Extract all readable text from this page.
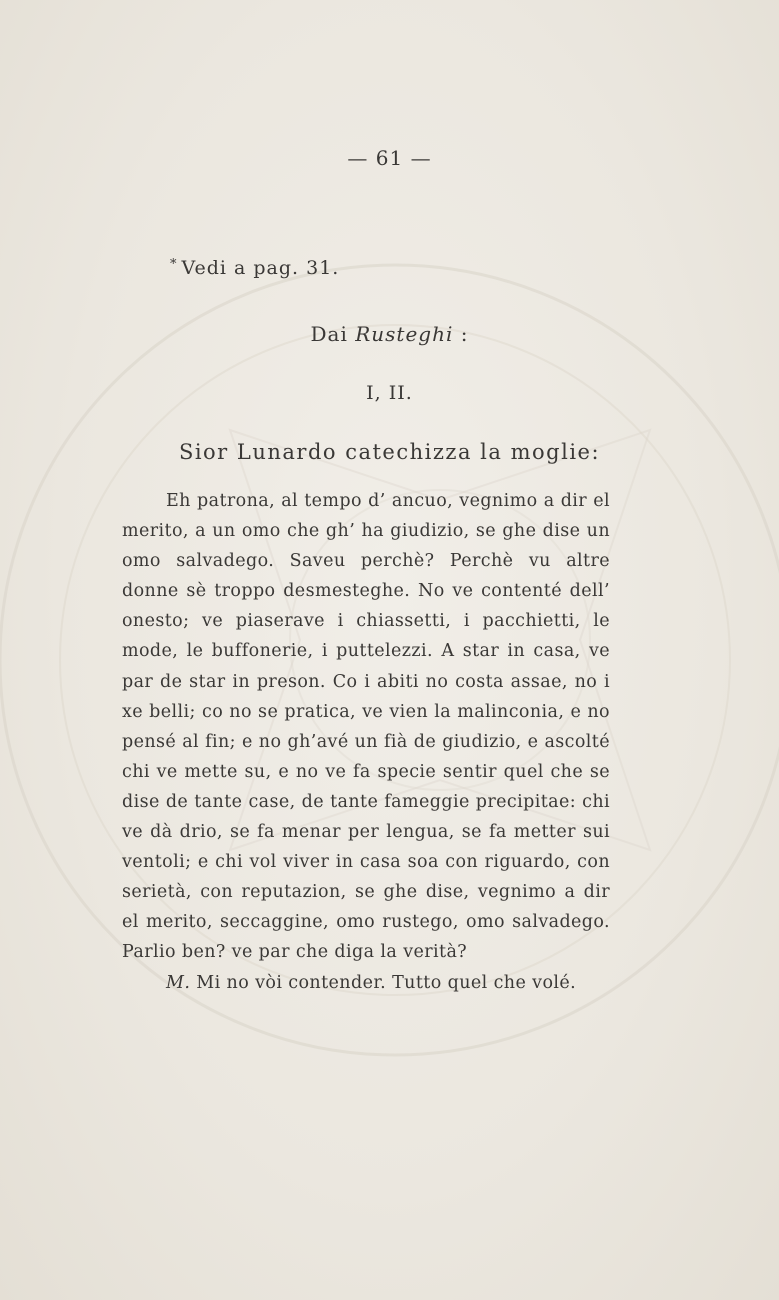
— 61 —
* Vedi a pag. 31.
Dai Rusteghi :
I, II.
Sior Lunardo catechizza la moglie:

Eh patrona, al tempo d’ ancuo, vegnimo a dir el merito, a un omo che gh’ ha giudizio, se ghe dise un omo salvadego. Saveu perchè? Perchè vu altre donne sè troppo desmesteghe. No ve contenté dell’ onesto; ve piaserave i chiassetti, i pacchietti, le mode, le buffonerie, i puttelezzi. A star in casa, ve par de star in preson. Co i abiti no costa assae, no i xe belli; co no se pratica, ve vien la malinconia, e no pensé al fin; e no gh’avé un fià de giudizio, e ascolté chi ve mette su, e no ve fa specie sentir quel che se dise de tante case, de tante fameggie precipitae: chi ve dà drio, se fa menar per lengua, se fa metter sui ventoli; e chi vol viver in casa soa con riguardo, con serietà, con reputazion, se ghe dise, vegnimo a dir el merito, seccaggine, omo rustego, omo salvadego. Parlio ben? ve par che diga la verità?

M. Mi no vòi contender. Tutto quel che volé.
